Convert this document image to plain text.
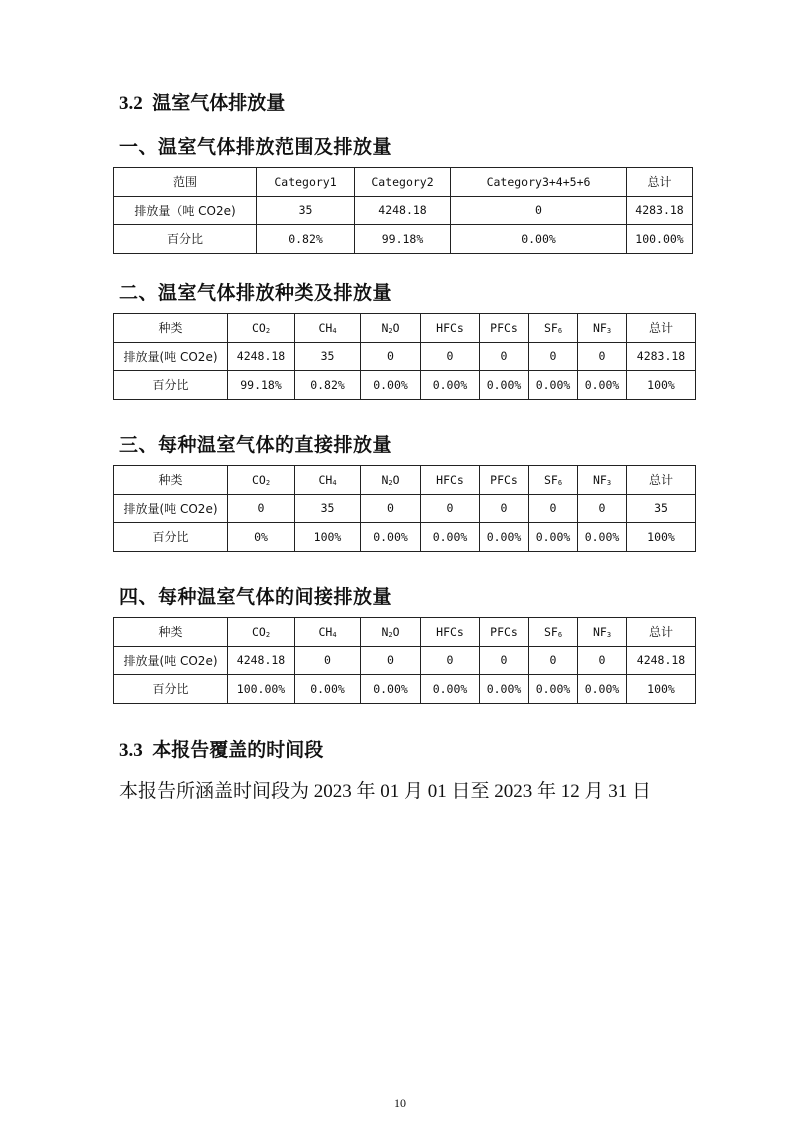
3.2 温室气体排放量
一、温室气体排放范围及排放量
范围	Category1	Category2	Category3+4+5+6	总计
排放量（吨 CO2e)	35	4248.18	0	4283.18
百分比	0.82%	99.18%	0.00%	100.00%
二、温室气体排放种类及排放量
种类	$CO_2$	$CH_4$	$N_2O$	HFCs	PFCs	$SF_6$	$NF_3$	总计
排放量(吨 CO2e)	4248.18	35	0	0	0	0	0	4283.18
百分比	99.18%	0.82%	0.00%	0.00%	0.00%	0.00%	0.00%	100%
三、每种温室气体的直接排放量
种类	$CO_2$	$CH_4$	$N_2O$	HFCs	PFCs	$SF_6$	$NF_3$	总计
排放量(吨 CO2e)	0	35	0	0	0	0	0	35
百分比	0%	100%	0.00%	0.00%	0.00%	0.00%	0.00%	100%
四、每种温室气体的间接排放量
种类	$CO_2$	$CH_4$	$N_2O$	HFCs	PFCs	$SF_6$	$NF_3$	总计
排放量(吨 CO2e)	4248.18	0	0	0	0	0	0	4248.18
百分比	100.00%	0.00%	0.00%	0.00%	0.00%	0.00%	0.00%	100%
3.3 本报告覆盖的时间段
本报告所涵盖时间段为 2023 年 01 月 01 日至 2023 年 12 月 31 日
10
